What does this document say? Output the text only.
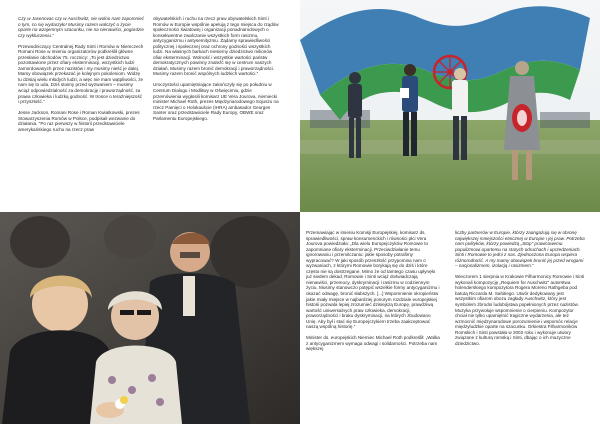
Czy w Jasenovac czy w Auschwitz, nie wolno nam zapomnieć o tym, co się wydarzyło! Musimy razem walczyć o życie oparte na wzajemnym szacunku, nie na nienawiści, pogardzie czy wykluczeniu.”

Przewodniczący Centralnej Rady Sinti i Romów w Niemczech Romani Rose w imieniu organizatorów podkreślił główne przesłanie obchodów 75. rocznicy: „To jest dziedzictwo pozostawione przez ofiary eksterminacji, wszystkich ludzi zamordowanych przez nazistów i my musimy nieść je dalej. Mamy obowiązek przekazać je kolejnym pokoleniom. Widzę tu dzisiaj wielu młodych ludzi, a więc nie mam wątpliwości, że nam się to uda. Dziś stoimy przed wyzwaniem – musimy wciąż odpowiedzialność za demokrację i praworządność, za prawa człowieka i ludzką godność. W trosce o teraźniejszość i przyszłość.”

Jesse Jackson, Romani Rose i Roman Kwiatkowski, prezes Stowarzyszenia Romów w Polsce, podpisali wezwanie do działania. "Po raz pierwszy w historii przedstawiciele amerykańskiego ruchu na rzecz praw

obywatelskich i ruchu na rzecz praw obywatelskich Sinti i Romów w Europie wspólnie apelują z tego miejsca do rządów społeczności światowej i organizacji ponadnarodowych o konsekwentne zwalczanie wszystkich form rasizmu, antycyganizmu i antysemityzmu. Żądamy sprawiedliwości politycznej i społecznej oraz ochrony godności wszystkich ludzi. Na własnych barkach niesiemy dziedzictwo milionów ofiar eksterminacji. Wolność i wszystkie wartości państw demokratycznych powinny znaleźć się w centrum naszych działań. Musimy razem bronić demokracji i praworządności. Musimy razem bronić wspólnych ludzkich wartości.”

Uroczystości upamiętniające zakończyły się po południu w Centrum Dialogu i Modlitwy w Oświęcimiu, gdzie przemówienia wygłosili komisarz UE Vera Jourova, niemiecki minister Michael Roth, prezes Międzynarodowego Sojuszu na rzecz Pamięci o Holokauście (IHRA) ambasador Georges Santer oraz przedstawiciele Rady Europy, OBWE oraz Parlamentu Europejskiego.

Przemawiając w imieniu Komisji Europejskiej, komisarz ds. sprawiedliwości, spraw konsumenckich i równości płci Vera Jourova powiedziała: „Dla wielu Europejczyków Romowie to zapomniane ofiary eksterminacji. Przeciwdziałanie temu ignorowaniu i przemilczaniu: jakie sposoby potrafimy wypracować? W jaki sposób przeszłość przypomina nam o wyzwaniach, z którymi Romowie borykają się do dziś i które często nie są dostrzegane. Mimo że od tamtego czasu upłynęło już siedem dekad, Romowie i Sinti wciąż doświadczają nienawiści, przemocy, dyskryminacji i rasizmu w codziennym życiu. Musimy stanowczo potępić wszelkie formy antycyganizmu i okazać odwagę, bronić słabszych. [...] Wspomnienie okropieństw jakie miały miejsce w najbardziej ponurym rozdziale europejskiej historii pozwala lepiej zrozumieć dzisiejszą Europę, prawdziwą wartość uniwersalnych praw człowieka, demokracji, praworządności i braku dyskryminacji, na których zbudowano Unię. Aby był i stać się Europejczykiem trzeba zaakceptować naszą wspólną historię.”

Minister ds. europejskich Niemiec Michael Roth podkreślił: „Walka z antycyganizmem wymaga odwagi i solidarności. Potrzeba nam większej

liczby partnerów w Europie, którzy zaangażują się w obronę największej mniejszości etnicznej w Europie i jej praw. Potrzeba nam polityków, którzy powiedzą „Stop” prawicowemu populizmowi opartemu na starych odruchach i uprzedzeniach. Sinti i Romowie to jedni z nas. Zjednoczona Europa wspiera różnorodność. A my mamy obowiązek bronić jej przed wrogami – nacjonalizmem, izolacją i rasizmem.”

Wieczorem 1 sierpnia w Krakowie Filharmonicy Romowie i Sinti wykonali kompozycję „Requiem for Auschwitz” autorstwa holenderskiego kompozytora Rogera Moreno Rathgeba pod batutą Riccarda M. Sahitiego. Utwór dedykowany jest wszystkim ofiarom obozu zagłady Auschwitz, który jest symbolem zbrodni ludobójstwa popełnionych przez nazistów. Muzyka przywołuje wspomnienie o cierpieniu. Kompozytor chciał nie tylko upamiętnić tragiczne wydarzenia, ale też wzmocnić międzynarodowe porozumienie i wspomóc relacje międzyludzkie oparte na szacunku. Orkiestra Filharmoników Romskich i Sinti powstała w 2002 roku i wykonuje utwory związane z kulturą romską i Sinti, dbając o ich muzyczne dziedzictwo.
